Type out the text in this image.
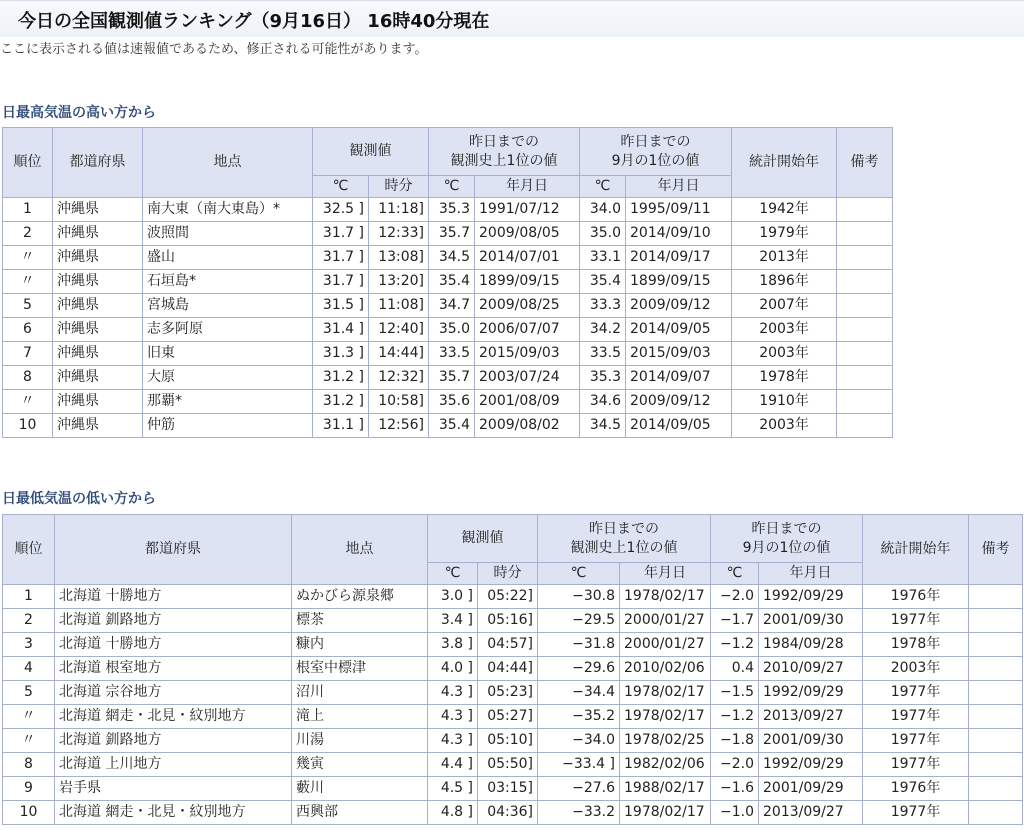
今日の全国観測値ランキング（9月16日） 16時40分現在
ここに表示される値は速報値であるため、修正される可能性があります。
日最高気温の高い方から
順位	都道府県	地点	観測値		昨日までの
観測史上1位の値		昨日までの
9月の1位の値		統計開始年	備考
			℃	時分	℃	年月日	℃	年月日		
1	沖縄県	南大東（南大東島）*	32.5 ]	11:18]	35.3	1991/07/12	34.0	1995/09/11	1942年	
2	沖縄県	波照間	31.7 ]	12:33]	35.7	2009/08/05	35.0	2014/09/10	1979年	
〃	沖縄県	盛山	31.7 ]	13:08]	34.5	2014/07/01	33.1	2014/09/17	2013年	
〃	沖縄県	石垣島*	31.7 ]	13:20]	35.4	1899/09/15	35.4	1899/09/15	1896年	
5	沖縄県	宮城島	31.5 ]	11:08]	34.7	2009/08/25	33.3	2009/09/12	2007年	
6	沖縄県	志多阿原	31.4 ]	12:40]	35.0	2006/07/07	34.2	2014/09/05	2003年	
7	沖縄県	旧東	31.3 ]	14:44]	33.5	2015/09/03	33.5	2015/09/03	2003年	
8	沖縄県	大原	31.2 ]	12:32]	35.7	2003/07/24	35.3	2014/09/07	1978年	
〃	沖縄県	那覇*	31.2 ]	10:58]	35.6	2001/08/09	34.6	2009/09/12	1910年	
10	沖縄県	仲筋	31.1 ]	12:56]	35.4	2009/08/02	34.5	2014/09/05	2003年	
日最低気温の低い方から
順位	都道府県	地点	観測値		昨日までの
観測史上1位の値		昨日までの
9月の1位の値		統計開始年	備考
			℃	時分	℃	年月日	℃	年月日		
1	北海道 十勝地方	ぬかびら源泉郷	3.0 ]	05:22]	−30.8	1978/02/17	−2.0	1992/09/29	1976年	
2	北海道 釧路地方	標茶	3.4 ]	05:16]	−29.5	2000/01/27	−1.7	2001/09/30	1977年	
3	北海道 十勝地方	糠内	3.8 ]	04:57]	−31.8	2000/01/27	−1.2	1984/09/28	1978年	
4	北海道 根室地方	根室中標津	4.0 ]	04:44]	−29.6	2010/02/06	0.4	2010/09/27	2003年	
5	北海道 宗谷地方	沼川	4.3 ]	05:23]	−34.4	1978/02/17	−1.5	1992/09/29	1977年	
〃	北海道 網走・北見・紋別地方	滝上	4.3 ]	05:27]	−35.2	1978/02/17	−1.2	2013/09/27	1977年	
〃	北海道 釧路地方	川湯	4.3 ]	05:10]	−34.0	1978/02/25	−1.8	2001/09/30	1977年	
8	北海道 上川地方	幾寅	4.4 ]	05:50]	−33.4 ]	1982/02/06	−2.0	1992/09/29	1977年	
9	岩手県	藪川	4.5 ]	03:15]	−27.6	1988/02/17	−1.6	2001/09/29	1976年	
10	北海道 網走・北見・紋別地方	西興部	4.8 ]	04:36]	−33.2	1978/02/17	−1.0	2013/09/27	1977年	
